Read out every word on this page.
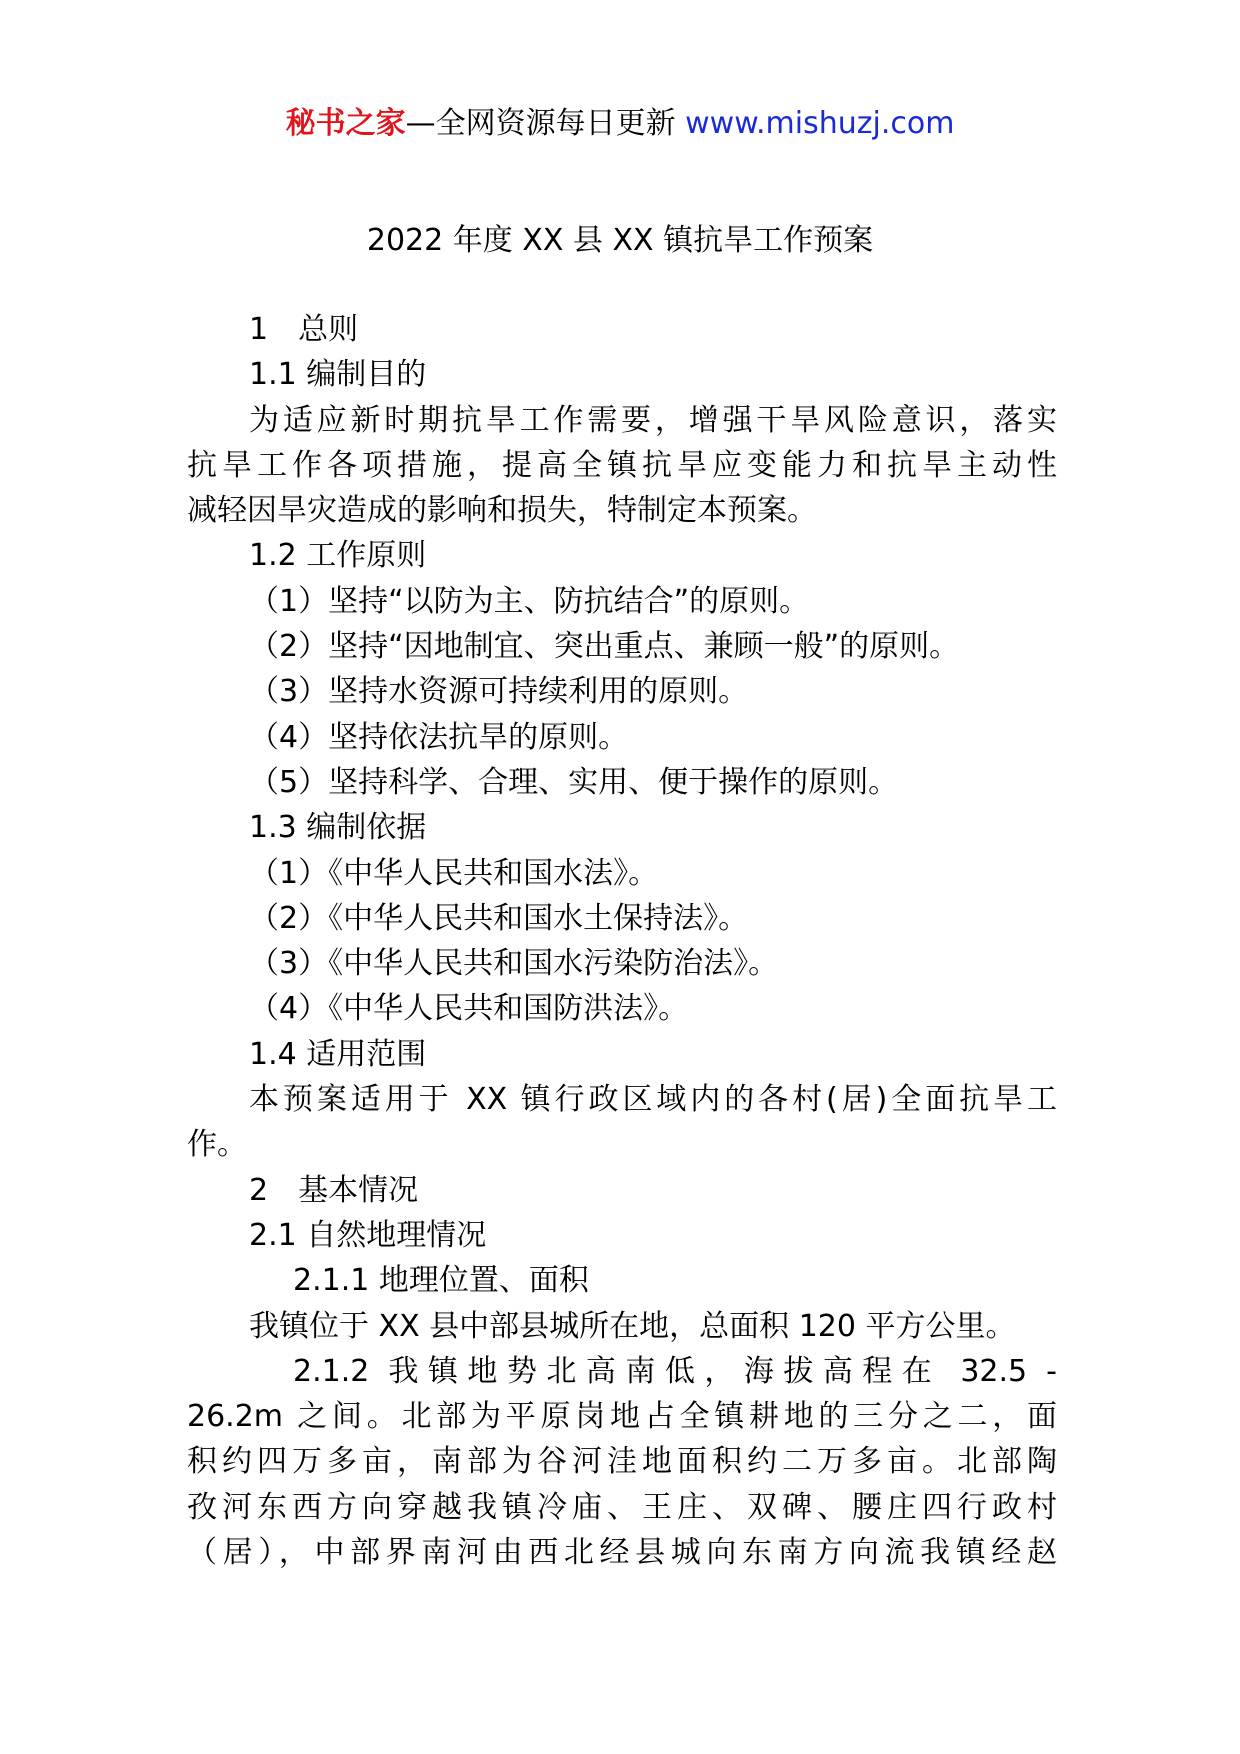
秘书之家—全网资源每日更新 www.mishuzj.com
2022 年度 XX 县 XX 镇抗旱工作预案
1　总则
1.1 编制目的
为适应新时期抗旱工作需要，增强干旱风险意识，落实
抗旱工作各项措施，提高全镇抗旱应变能力和抗旱主动性
减轻因旱灾造成的影响和损失，特制定本预案。
1.2 工作原则
（1）坚持“以防为主、防抗结合”的原则。
（2）坚持“因地制宜、突出重点、兼顾一般”的原则。
（3）坚持水资源可持续利用的原则。
（4）坚持依法抗旱的原则。
（5）坚持科学、合理、实用、便于操作的原则。
1.3 编制依据
（1）《中华人民共和国水法》。
（2）《中华人民共和国水土保持法》。
（3）《中华人民共和国水污染防治法》。
（4）《中华人民共和国防洪法》。
1.4 适用范围
本预案适用于 XX 镇行政区域内的各村(居)全面抗旱工
作。
2　基本情况
2.1 自然地理情况
2.1.1 地理位置、面积
我镇位于 XX 县中部县城所在地，总面积 120 平方公里。
2.1.2 我镇地势北高南低，海拔高程在 32.5 -
26.2m 之间。北部为平原岗地占全镇耕地的三分之二，面
积约四万多亩，南部为谷河洼地面积约二万多亩。北部陶
孜河东西方向穿越我镇冷庙、王庄、双碑、腰庄四行政村
（居），中部界南河由西北经县城向东南方向流我镇经赵
